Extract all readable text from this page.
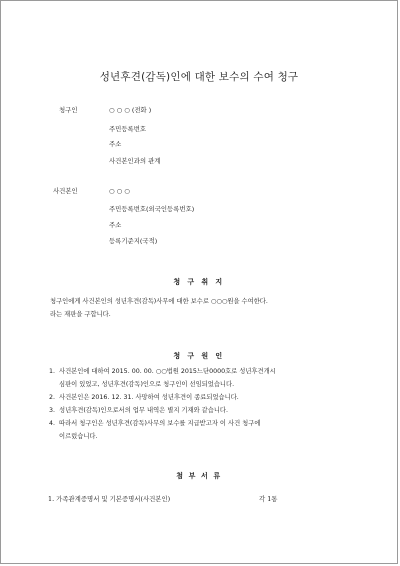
성년후견(감독)인에 대한 보수의 수여 청구
청구인	○ ○ ○ (전화 )
주민등록번호
주소
사건본인과의 관계
사건본인	○ ○ ○
주민등록번호(외국인등록번호)
주소
등록기준지(국적)
청 구 취 지
청구인에게 사건본인의 성년후견(감독)사무에 대한 보수로 ○○○원을 수여한다.
라는 재판을 구합니다.
청 구 원 인
1. 사건본인에 대하여 2015. 00. 00. ○○법원 2015느단0000호로 성년후견개시
심판이 있었고, 성년후견(감독)인으로 청구인이 선임되었습니다.
2. 사건본인은 2016. 12. 31. 사망하여 성년후견이 종료되었습니다.
3. 성년후견(감독)인으로서의 업무 내역은 별지 기재와 같습니다.
4. 따라서 청구인은 성년후견(감독)사무의 보수를 지급받고자 이 사건 청구에
이르렀습니다.
첨 부 서 류
1. 가족관계증명서 및 기본증명서(사건본인)	각 1통
